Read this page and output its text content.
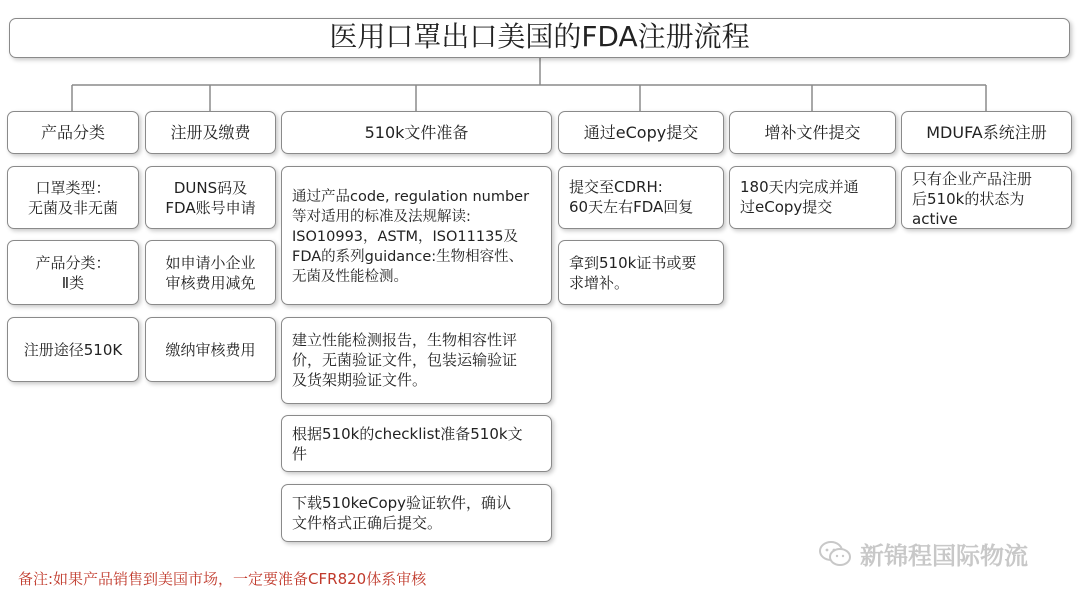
医用口罩出口美国的FDA注册流程
产品分类
口罩类型：
无菌及非无菌
产品分类：
Ⅱ类
注册途径510K
注册及缴费
DUNS码及
FDA账号申请
如申请小企业
审核费用减免
缴纳审核费用
510k文件准备
通过产品code, regulation number
等对适用的标准及法规解读:
ISO10993，ASTM，ISO11135及
FDA的系列guidance:生物相容性、
无菌及性能检测。
建立性能检测报告，生物相容性评
价，无菌验证文件，包装运输验证
及货架期验证文件。
根据510k的checklist准备510k文
件
下载510keCopy验证软件，确认
文件格式正确后提交。
通过eCopy提交
提交至CDRH:
60天左右FDA回复
拿到510k证书或要
求增补。
增补文件提交
180天内完成并通
过eCopy提交
MDUFA系统注册
只有企业产品注册
后510k的状态为
active
新锦程国际物流
备注:如果产品销售到美国市场，一定要准备CFR820体系审核
